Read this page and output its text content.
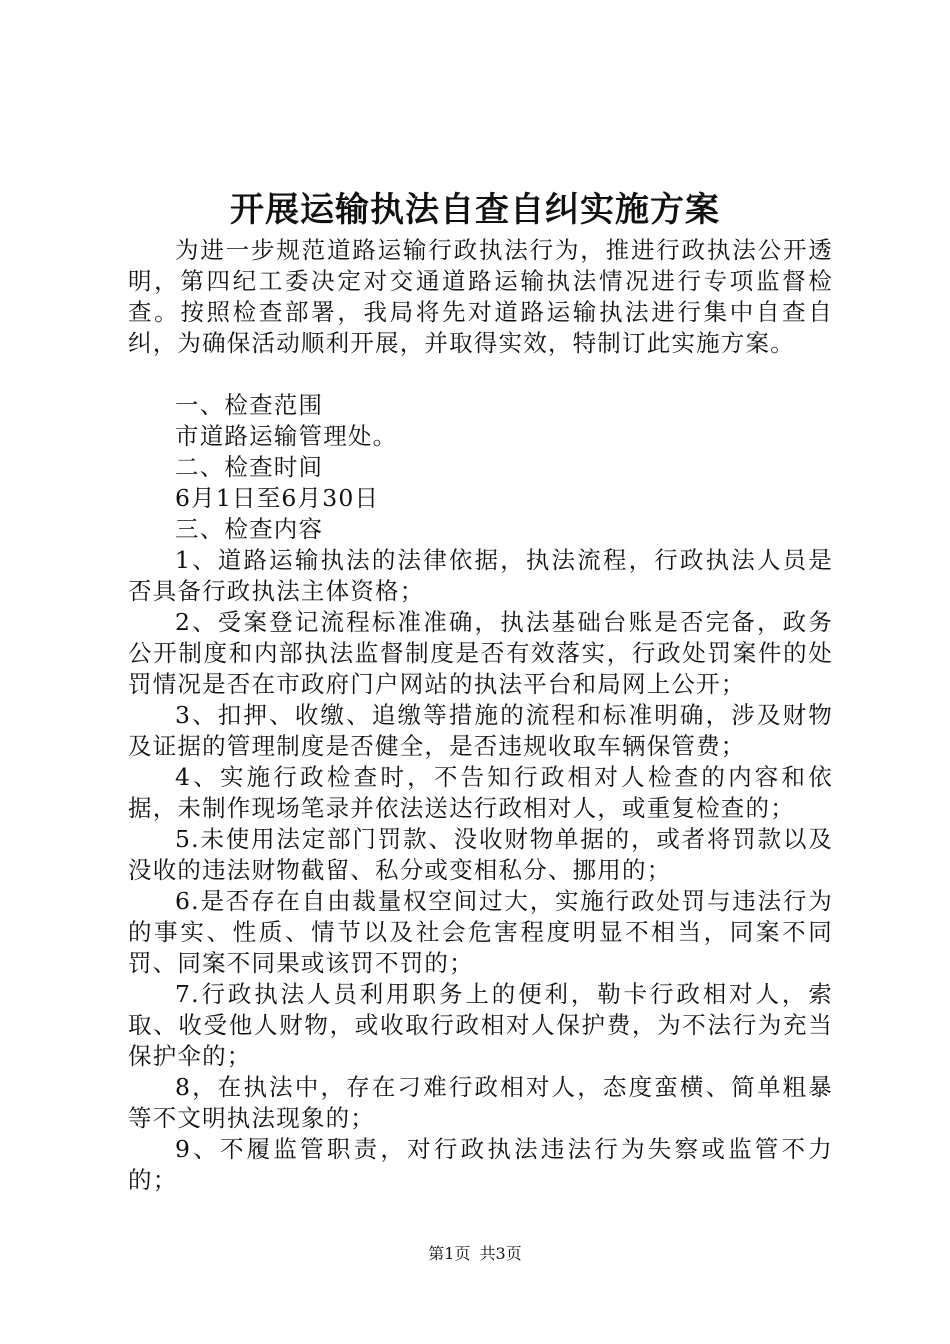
开展运输执法自查自纠实施方案

为进一步规范道路运输行政执法行为，推进行政执法公开透明，第四纪工委决定对交通道路运输执法情况进行专项监督检查。按照检查部署，我局将先对道路运输执法进行集中自查自纠，为确保活动顺利开展，并取得实效，特制订此实施方案。

一、检查范围

市道路运输管理处。

二、检查时间

6月1日至6月30日

三、检查内容

1、道路运输执法的法律依据，执法流程，行政执法人员是否具备行政执法主体资格；

2、受案登记流程标准准确，执法基础台账是否完备，政务公开制度和内部执法监督制度是否有效落实，行政处罚案件的处罚情况是否在市政府门户网站的执法平台和局网上公开；

3、扣押、收缴、追缴等措施的流程和标准明确，涉及财物及证据的管理制度是否健全，是否违规收取车辆保管费；

4、实施行政检查时，不告知行政相对人检查的内容和依据，未制作现场笔录并依法送达行政相对人，或重复检查的；

5.未使用法定部门罚款、没收财物单据的，或者将罚款以及没收的违法财物截留、私分或变相私分、挪用的；

6.是否存在自由裁量权空间过大，实施行政处罚与违法行为的事实、性质、情节以及社会危害程度明显不相当，同案不同罚、同案不同果或该罚不罚的；

7.行政执法人员利用职务上的便利，勒卡行政相对人，索取、收受他人财物，或收取行政相对人保护费，为不法行为充当保护伞的；

8，在执法中，存在刁难行政相对人，态度蛮横、简单粗暴等不文明执法现象的；

9、不履监管职责，对行政执法违法行为失察或监管不力的；

第1页 共3页
